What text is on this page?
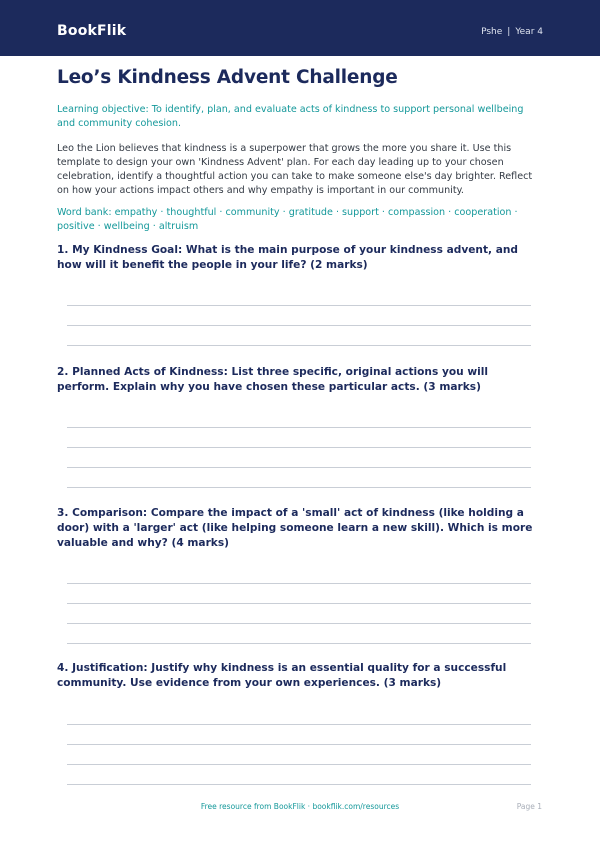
BookFlik	Pshe | Year 4
Leo’s Kindness Advent Challenge
Learning objective: To identify, plan, and evaluate acts of kindness to support personal wellbeing and community cohesion.
Leo the Lion believes that kindness is a superpower that grows the more you share it. Use this template to design your own 'Kindness Advent' plan. For each day leading up to your chosen celebration, identify a thoughtful action you can take to make someone else's day brighter. Reflect on how your actions impact others and why empathy is important in our community.
Word bank: empathy · thoughtful · community · gratitude · support · compassion · cooperation · positive · wellbeing · altruism
1. My Kindness Goal: What is the main purpose of your kindness advent, and how will it benefit the people in your life? (2 marks)
2. Planned Acts of Kindness: List three specific, original actions you will perform. Explain why you have chosen these particular acts. (3 marks)
3. Comparison: Compare the impact of a 'small' act of kindness (like holding a door) with a 'larger' act (like helping someone learn a new skill). Which is more valuable and why? (4 marks)
4. Justification: Justify why kindness is an essential quality for a successful community. Use evidence from your own experiences. (3 marks)
Free resource from BookFlik · bookflik.com/resources	Page 1
